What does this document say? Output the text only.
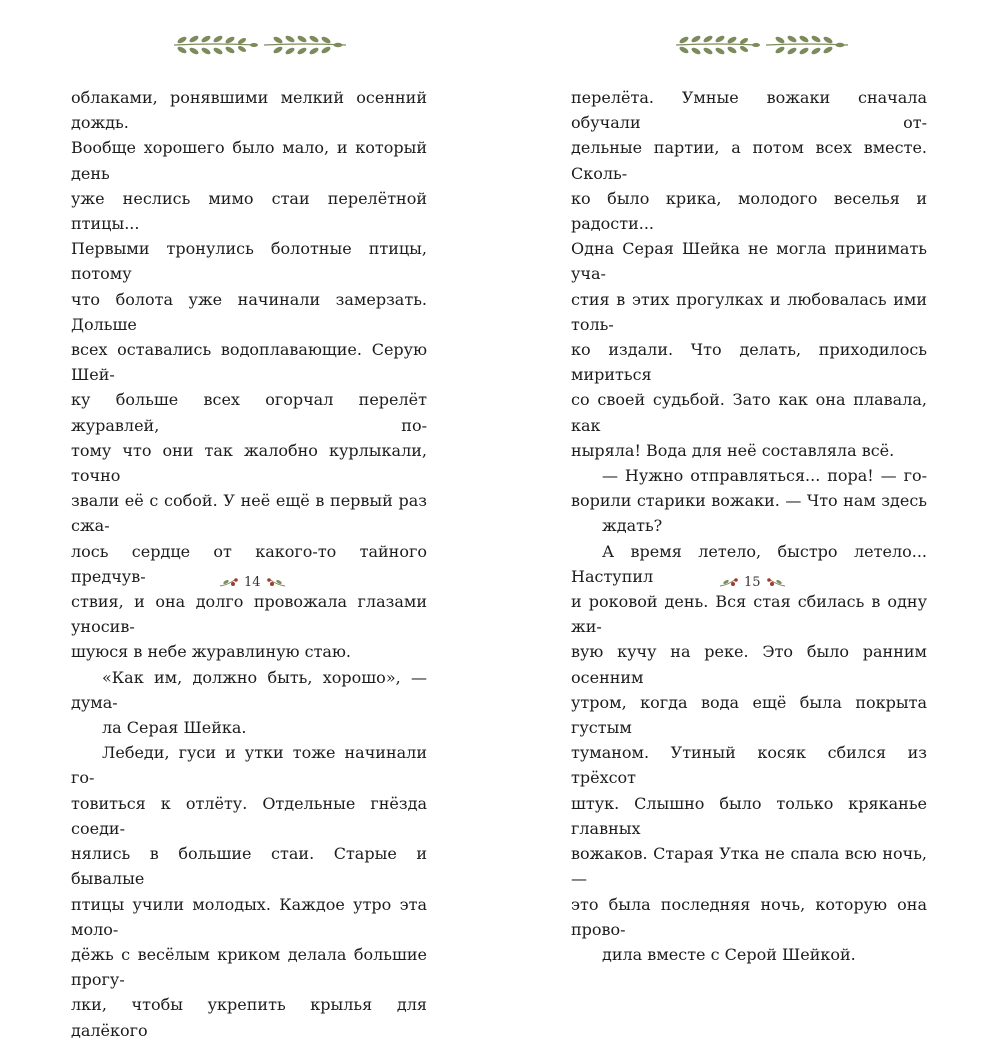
облаками, ронявшими мелкий осенний дождь.
Вообще хорошего было мало, и который день
уже неслись мимо стаи перелётной птицы...
Первыми тронулись болотные птицы, потому
что болота уже начинали замерзать. Дольше
всех оставались водоплавающие. Серую Шей-
ку больше всех огорчал перелёт журавлей, по-
тому что они так жалобно курлыкали, точно
звали её с собой. У неё ещё в первый раз сжа-
лось сердце от какого-то тайного предчув-
ствия, и она долго провожала глазами уносив-
шуюся в небе журавлиную стаю.

«Как им, должно быть, хорошо», — дума-
ла Серая Шейка.

Лебеди, гуси и утки тоже начинали го-
товиться к отлёту. Отдельные гнёзда соеди-
нялись в большие стаи. Старые и бывалые
птицы учили молодых. Каждое утро эта моло-
дёжь с весёлым криком делала большие прогу-
лки, чтобы укрепить крылья для далёкого

14

перелёта. Умные вожаки сначала обучали от-
дельные партии, а потом всех вместе. Сколь-
ко было крика, молодого веселья и радости...
Одна Серая Шейка не могла принимать уча-
стия в этих прогулках и любовалась ими толь-
ко издали. Что делать, приходилось мириться
со своей судьбой. Зато как она плавала, как
ныряла! Вода для неё составляла всё.

— Нужно отправляться... пора! — го-
ворили старики вожаки. — Что нам здесь
ждать?

А время летело, быстро летело... Наступил
и роковой день. Вся стая сбилась в одну жи-
вую кучу на реке. Это было ранним осенним
утром, когда вода ещё была покрыта густым
туманом. Утиный косяк сбился из трёхсот
штук. Слышно было только кряканье главных
вожаков. Старая Утка не спала всю ночь, —
это была последняя ночь, которую она прово-
дила вместе с Серой Шейкой.

15
